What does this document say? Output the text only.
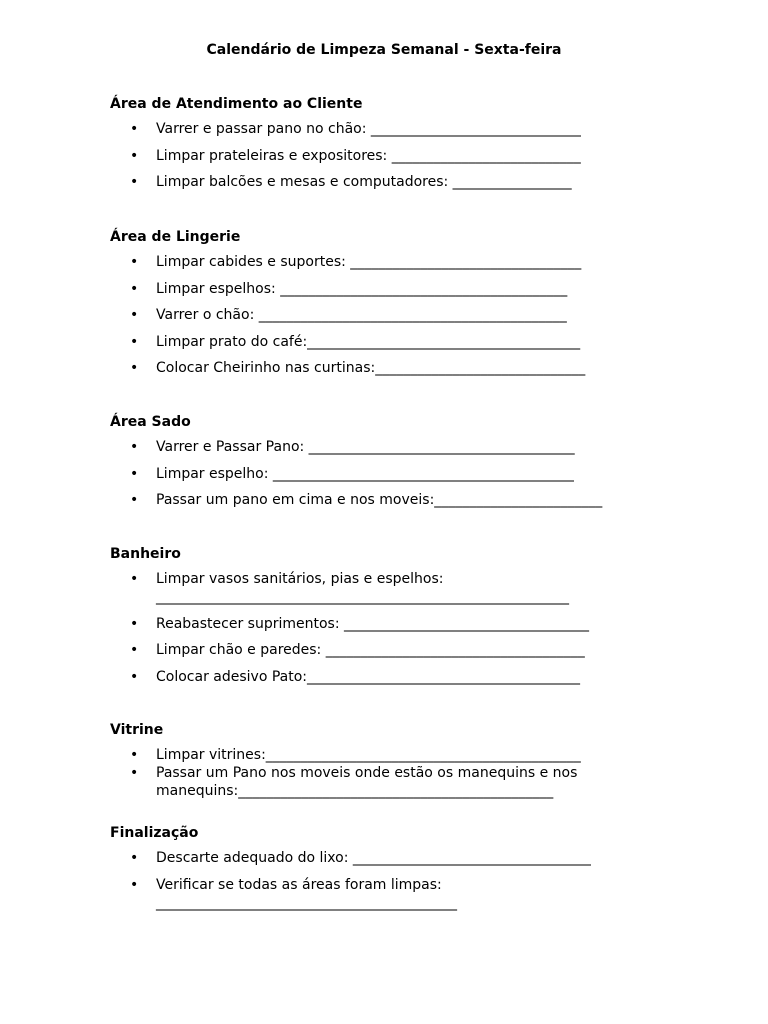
Calendário de Limpeza Semanal - Sexta-feira
Área de Atendimento ao Cliente
• Varrer e passar pano no chão: ______________________________
• Limpar prateleiras e expositores: ___________________________
• Limpar balcões e mesas e computadores: _________________
Área de Lingerie
• Limpar cabides e suportes: _________________________________
• Limpar espelhos: _________________________________________
• Varrer o chão: ____________________________________________
• Limpar prato do café:_______________________________________
• Colocar Cheirinho nas curtinas:______________________________
Área Sado
• Varrer e Passar Pano: ______________________________________
• Limpar espelho: ___________________________________________
• Passar um pano em cima e nos moveis:________________________
Banheiro
• Limpar vasos sanitários, pias e espelhos: ___________________________________________________________
• Reabastecer suprimentos: ___________________________________
• Limpar chão e paredes: _____________________________________
• Colocar adesivo Pato:_______________________________________
Vitrine
• Limpar vitrines:_____________________________________________
• Passar um Pano nos moveis onde estão os manequins e nos manequins:_____________________________________________
Finalização
• Descarte adequado do lixo: __________________________________
• Verificar se todas as áreas foram limpas: ___________________________________________
